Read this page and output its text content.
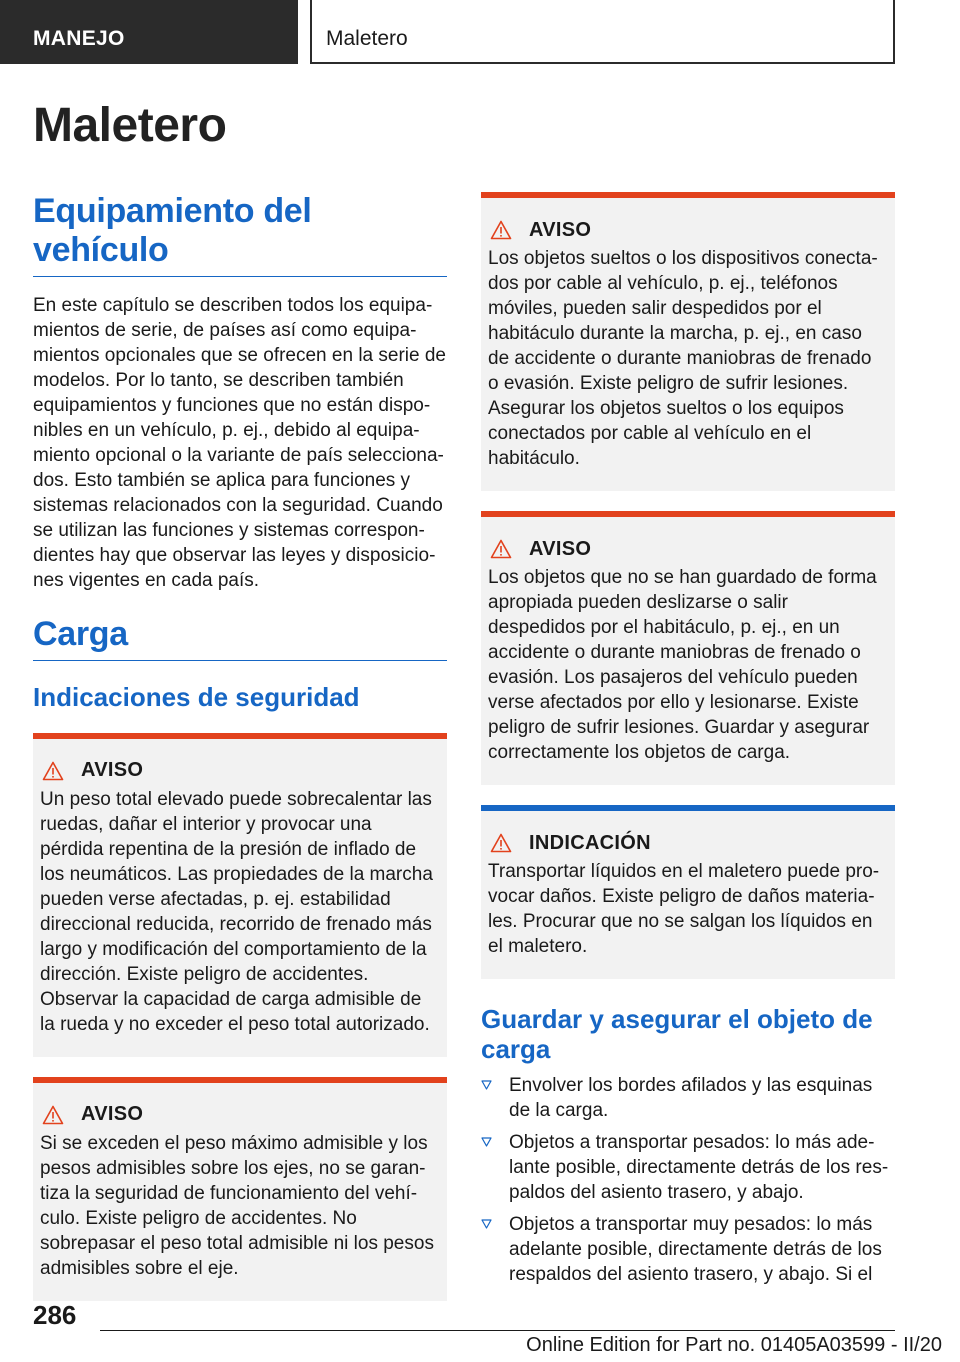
MANEJO	Maletero
Maletero
Equipamiento del vehículo

En este capítulo se describen todos los equipamientos de serie, de países así como equipamientos opcionales que se ofrecen en la serie de modelos. Por lo tanto, se describen también equipamientos y funciones que no están disponibles en un vehículo, p. ej., debido al equipamiento opcional o la variante de país seleccionados. Esto también se aplica para funciones y sistemas relacionados con la seguridad. Cuando se utilizan las funciones y sistemas correspondientes hay que observar las leyes y disposiciones vigentes en cada país.

Carga
Indicaciones de seguridad
AVISO
Un peso total elevado puede sobrecalentar las ruedas, dañar el interior y provocar una pérdida repentina de la presión de inflado de los neumáticos. Las propiedades de la marcha pueden verse afectadas, p. ej. estabilidad direccional reducida, recorrido de frenado más largo y modificación del comportamiento de la dirección. Existe peligro de accidentes. Observar la capacidad de carga admisible de la rueda y no exceder el peso total autorizado.
AVISO
Si se exceden el peso máximo admisible y los pesos admisibles sobre los ejes, no se garantiza la seguridad de funcionamiento del vehículo. Existe peligro de accidentes. No sobrepasar el peso total admisible ni los pesos admisibles sobre el eje.
AVISO
Los objetos sueltos o los dispositivos conectados por cable al vehículo, p. ej., teléfonos móviles, pueden salir despedidos por el habitáculo durante la marcha, p. ej., en caso de accidente o durante maniobras de frenado o evasión. Existe peligro de sufrir lesiones. Asegurar los objetos sueltos o los equipos conectados por cable al vehículo en el habitáculo.
AVISO
Los objetos que no se han guardado de forma apropiada pueden deslizarse o salir despedidos por el habitáculo, p. ej., en un accidente o durante maniobras de frenado o evasión. Los pasajeros del vehículo pueden verse afectados por ello y lesionarse. Existe peligro de sufrir lesiones. Guardar y asegurar correctamente los objetos de carga.
INDICACIÓN
Transportar líquidos en el maletero puede provocar daños. Existe peligro de daños materiales. Procurar que no se salgan los líquidos en el maletero.
Guardar y asegurar el objeto de carga
Envolver los bordes afilados y las esquinas de la carga.
Objetos a transportar pesados: lo más adelante posible, directamente detrás de los respaldos del asiento trasero, y abajo.
Objetos a transportar muy pesados: lo más adelante posible, directamente detrás de los respaldos del asiento trasero, y abajo. Si el
286
Online Edition for Part no. 01405A03599 - II/20
